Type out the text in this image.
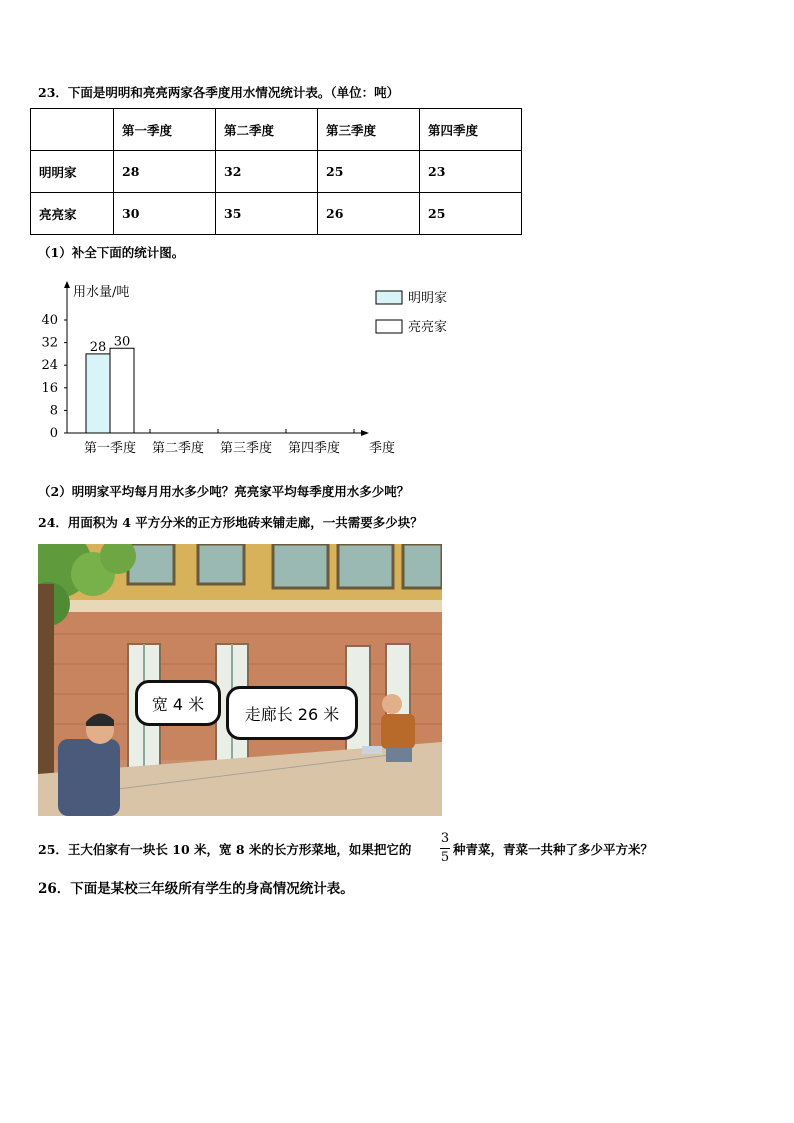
23．下面是明明和亮亮两家各季度用水情况统计表。（单位：吨）
	第一季度	第二季度	第三季度	第四季度
明明家	28	32	25	23
亮亮家	30	35	26	25
（1）补全下面的统计图。
用水量/吨
季度
0
8
16
24
32
40
第一季度 第二季度 第三季度 第四季度
28 30
明明家
亮亮家
（2）明明家平均每月用水多少吨？亮亮家平均每季度用水多少吨？
24．用面积为 4 平方分米的正方形地砖来铺走廊，一共需要多少块？
宽 4 米
走廊长 26 米
25．王大伯家有一块长 10 米，宽 8 米的长方形菜地，如果把它的
3
5
种青菜，青菜一共种了多少平方米？
26．下面是某校三年级所有学生的身高情况统计表。
